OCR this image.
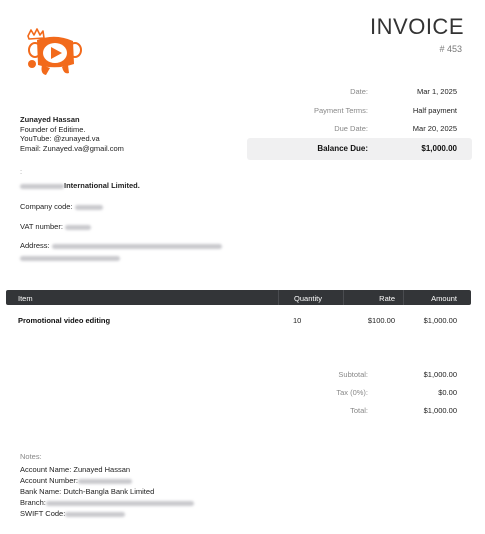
INVOICE
# 453
Date:	Mar 1, 2025
Payment Terms:	Half payment
Due Date:	Mar 20, 2025
Balance Due:	$1,000.00
Zunayed Hassan
Founder of Editime.
YouTube: @zunayed.va
Email: Zunayed.va@gmail.com
:
International Limited.
Company code:
VAT number:
Address:
Item	Quantity	Rate	Amount
Promotional video editing	10	$100.00	$1,000.00
Subtotal:	$1,000.00
Tax (0%):	$0.00
Total:	$1,000.00
Notes:
Account Name: Zunayed Hassan
Account Number:
Bank Name: Dutch-Bangla Bank Limited
Branch:
SWIFT Code:
